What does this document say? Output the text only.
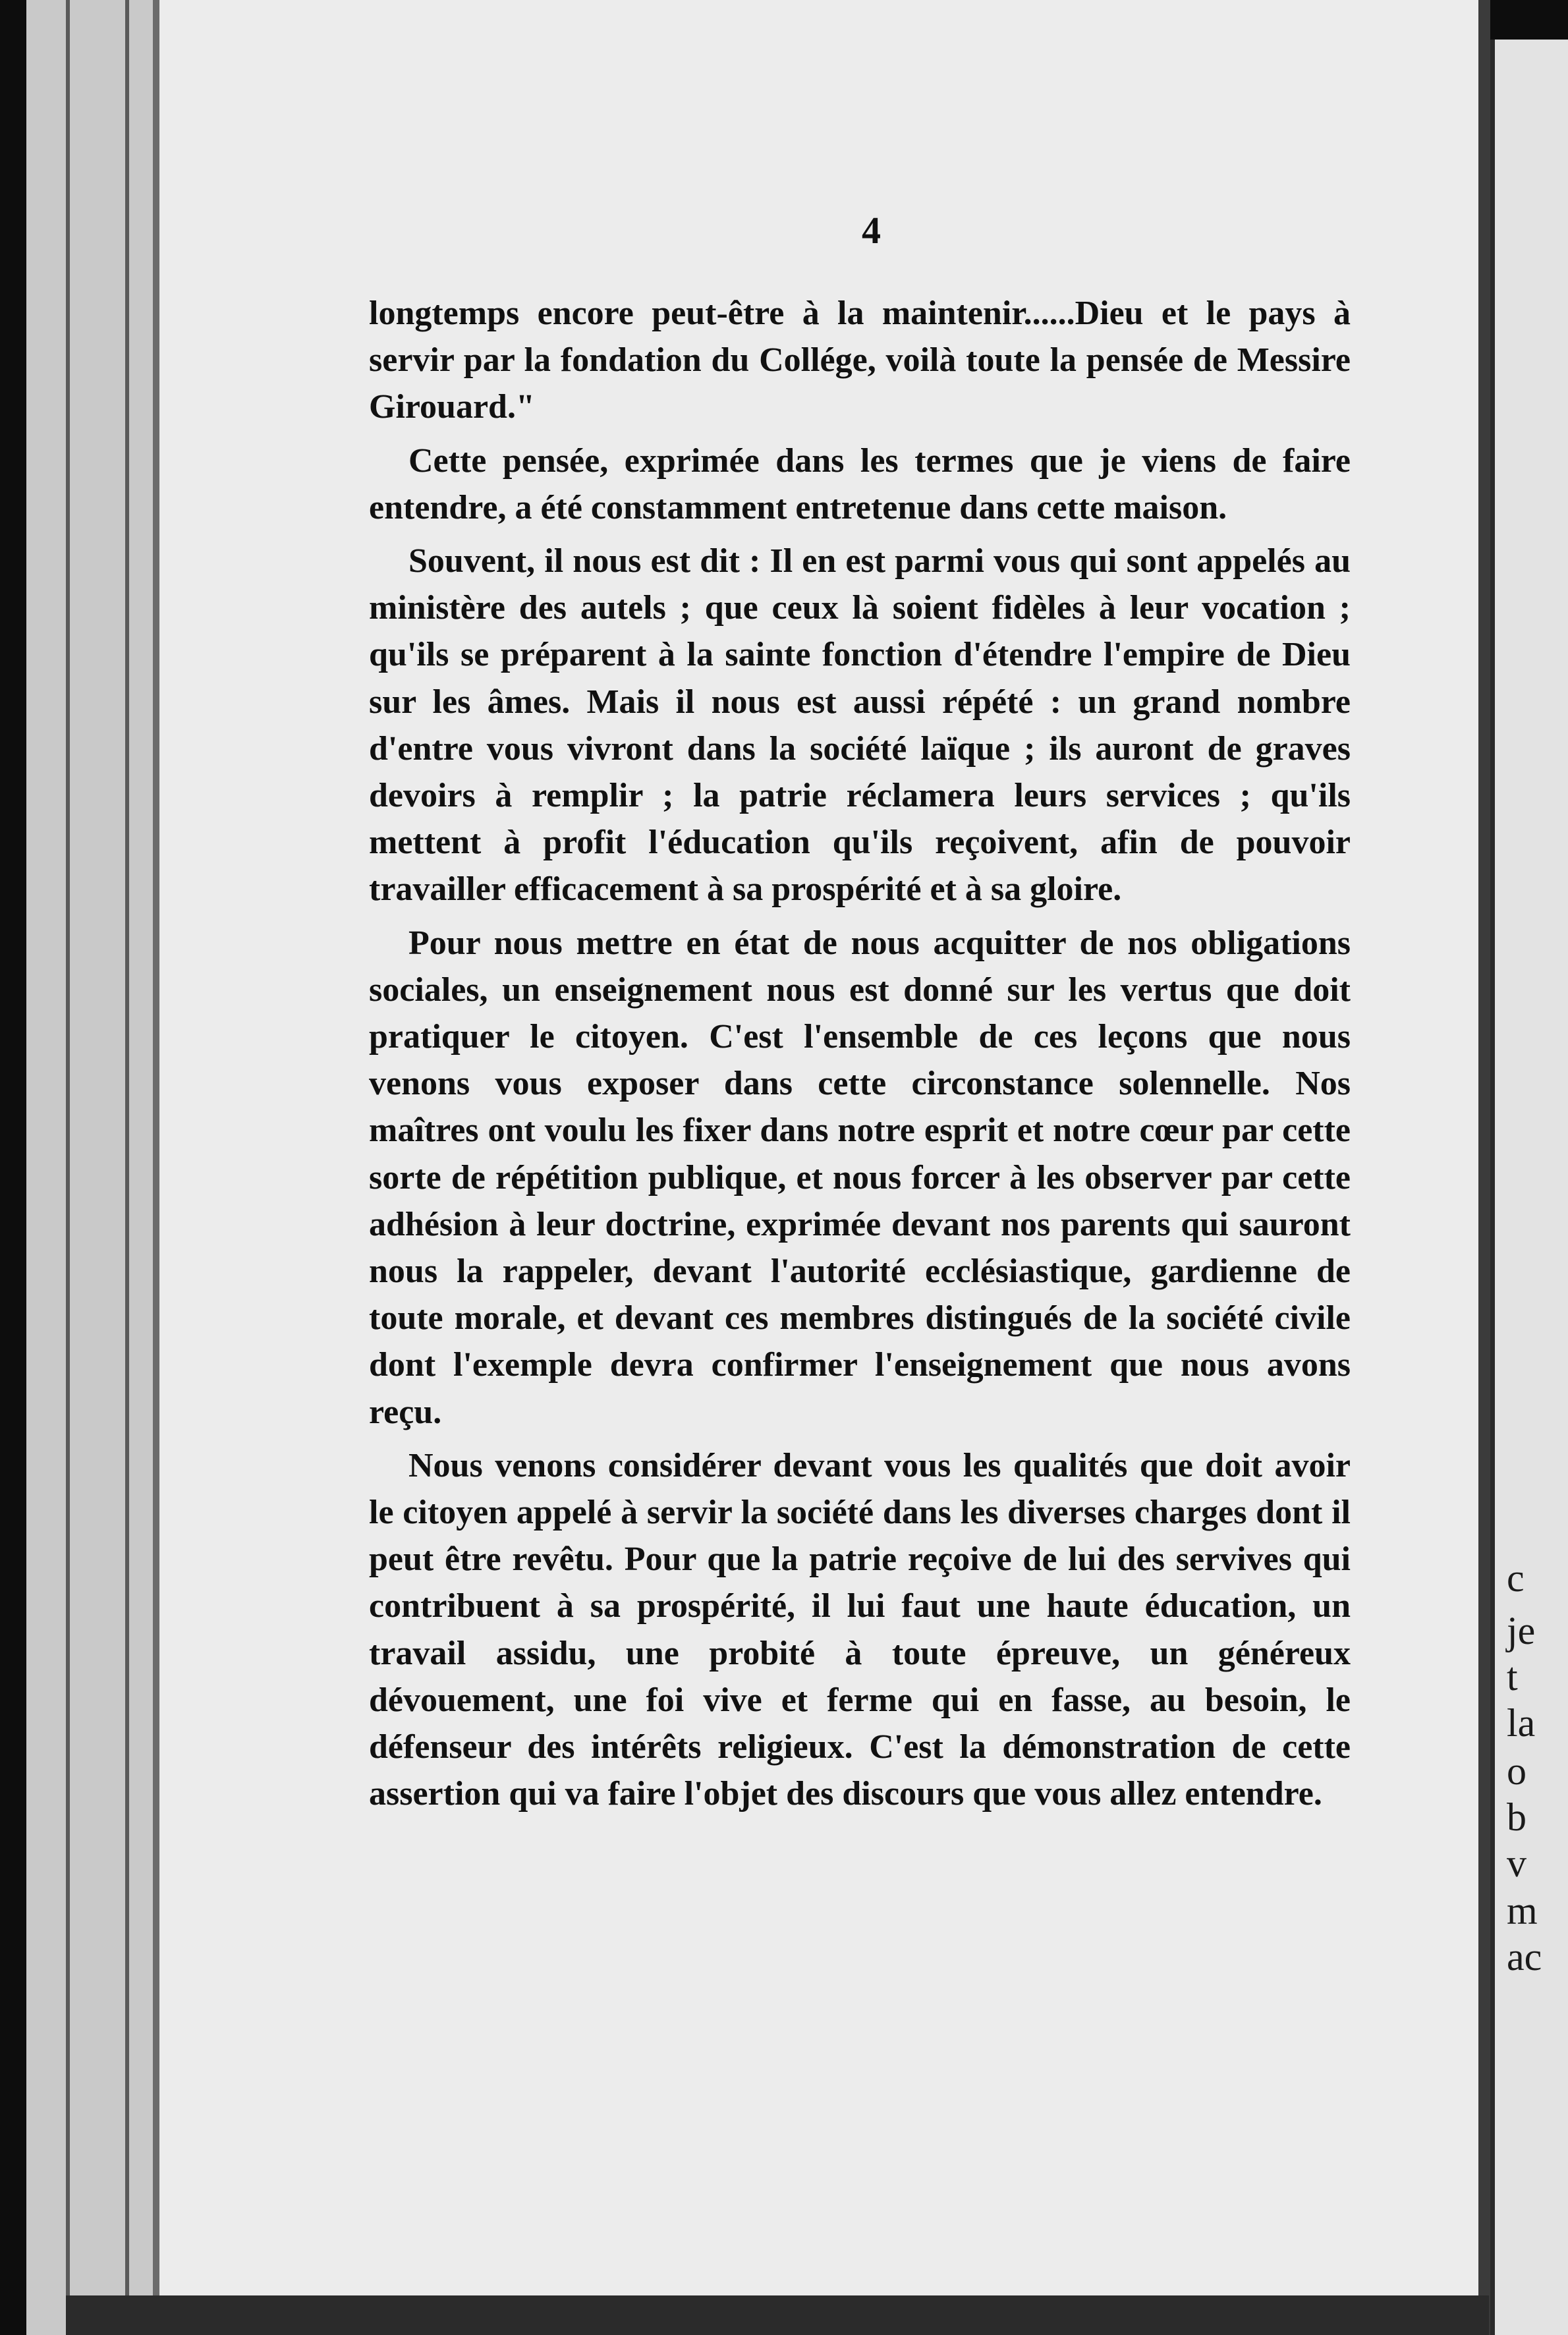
c
je
t
la
o
b
v
m
ac
4

longtemps encore peut-être à la maintenir......Dieu et le pays à servir par la fondation du Collége, voilà toute la pensée de Messire Girouard."

Cette pensée, exprimée dans les termes que je viens de faire entendre, a été constamment entretenue dans cette maison.

Souvent, il nous est dit : Il en est parmi vous qui sont appelés au ministère des autels ; que ceux là soient fidèles à leur vocation ; qu'ils se préparent à la sainte fonction d'étendre l'empire de Dieu sur les âmes. Mais il nous est aussi répété : un grand nombre d'entre vous vivront dans la société laïque ; ils auront de graves devoirs à remplir ; la patrie réclamera leurs services ; qu'ils mettent à profit l'éducation qu'ils reçoivent, afin de pouvoir travailler efficacement à sa prospérité et à sa gloire.

Pour nous mettre en état de nous acquitter de nos obligations sociales, un enseignement nous est donné sur les vertus que doit pratiquer le citoyen. C'est l'ensemble de ces leçons que nous venons vous exposer dans cette circonstance solennelle. Nos maîtres ont voulu les fixer dans notre esprit et notre cœur par cette sorte de répétition publique, et nous forcer à les observer par cette adhésion à leur doctrine, exprimée devant nos parents qui sauront nous la rappeler, devant l'autorité ecclésiastique, gardienne de toute morale, et devant ces membres distingués de la société civile dont l'exemple devra confirmer l'enseignement que nous avons reçu.

Nous venons considérer devant vous les qualités que doit avoir le citoyen appelé à servir la société dans les diverses charges dont il peut être revêtu. Pour que la patrie reçoive de lui des servives qui contribuent à sa prospérité, il lui faut une haute éducation, un travail assidu, une probité à toute épreuve, un généreux dévouement, une foi vive et ferme qui en fasse, au besoin, le défenseur des intérêts religieux. C'est la démonstration de cette assertion qui va faire l'objet des discours que vous allez entendre.
